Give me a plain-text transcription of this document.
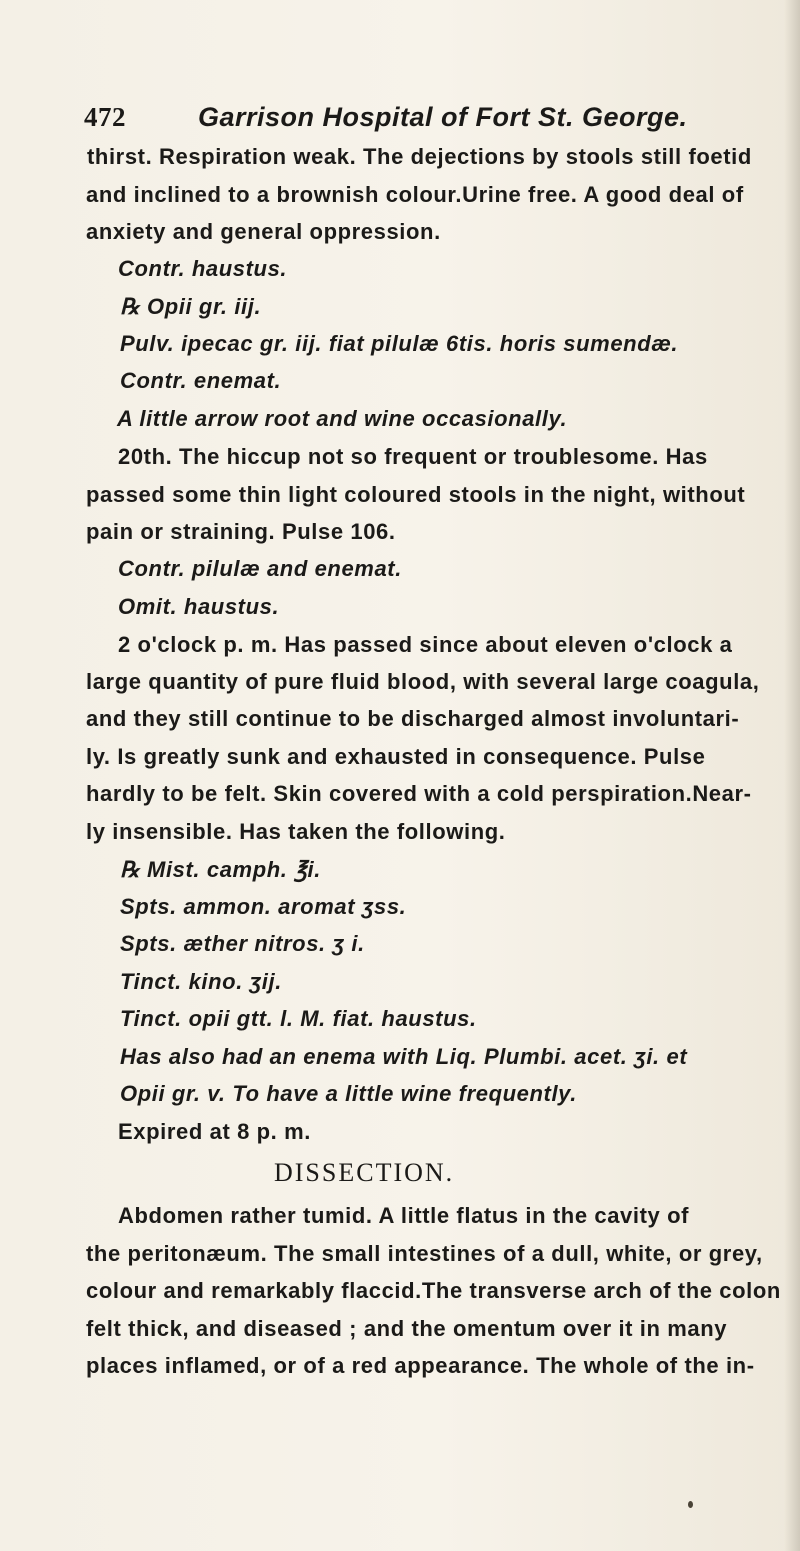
472	Garrison Hospital of Fort St. George.
thirst. Respiration weak. The dejections by stools still foetid
and inclined to a brownish colour.Urine free. A good deal of
anxiety and general oppression.
Contr. haustus.
℞ Opii gr. iij.
Pulv. ipecac gr. iij. fiat pilulæ 6tis. horis sumendæ.
Contr. enemat.
A little arrow root and wine occasionally.
20th. The hiccup not so frequent or troublesome. Has
passed some thin light coloured stools in the night, without
pain or straining. Pulse 106.
Contr. pilulæ and enemat.
Omit. haustus.
2 o'clock p. m. Has passed since about eleven o'clock a
large quantity of pure fluid blood, with several large coagula,
and they still continue to be discharged almost involuntari-
ly. Is greatly sunk and exhausted in consequence. Pulse
hardly to be felt. Skin covered with a cold perspiration.Near-
ly insensible. Has taken the following.
℞ Mist. camph. ℥i.
Spts. ammon. aromat ʒss.
Spts. æther nitros. ʒ i.
Tinct. kino. ʒij.
Tinct. opii gtt. l. M. fiat. haustus.
Has also had an enema with Liq. Plumbi. acet. ʒi. et
Opii gr. v. To have a little wine frequently.
Expired at 8 p. m.
DISSECTION.
Abdomen rather tumid. A little flatus in the cavity of
the peritonæum. The small intestines of a dull, white, or grey,
colour and remarkably flaccid.The transverse arch of the colon
felt thick, and diseased ; and the omentum over it in many
places inflamed, or of a red appearance. The whole of the in-
